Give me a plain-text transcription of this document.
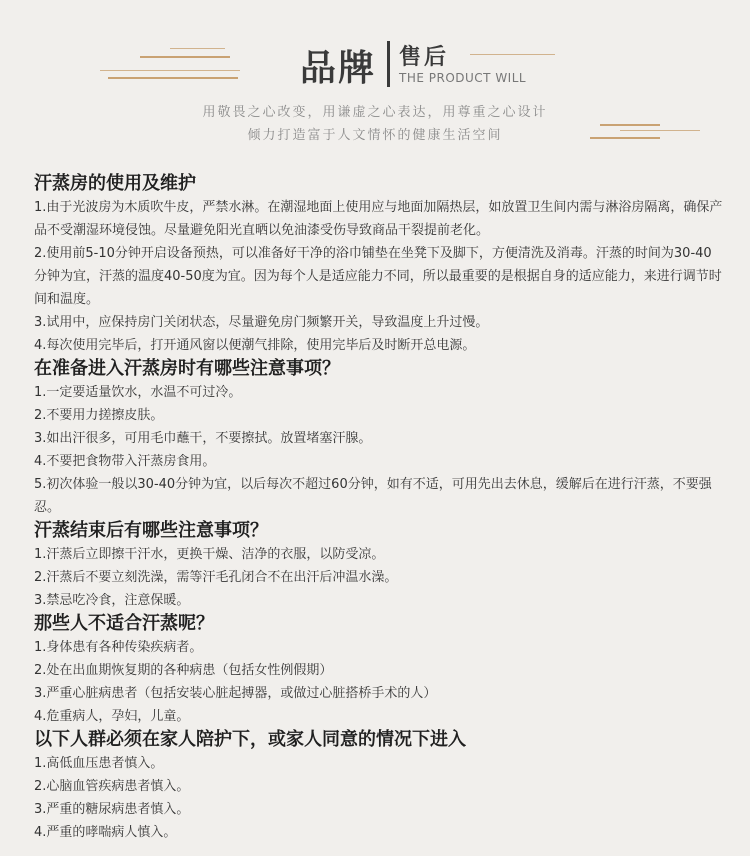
品牌 售后
THE PRODUCT WILL
用敬畏之心改变，用谦虚之心表达，用尊重之心设计
倾力打造富于人文情怀的健康生活空间
汗蒸房的使用及维护

1.由于光波房为木质吹牛皮，严禁水淋。在潮湿地面上使用应与地面加隔热层，如放置卫生间内需与淋浴房隔离，确保产品不受潮湿环境侵蚀。尽量避免阳光直晒以免油漆受伤导致商品干裂提前老化。

2.使用前5-10分钟开启设备预热，可以准备好干净的浴巾铺垫在坐凳下及脚下，方便清洗及消毒。汗蒸的时间为30-40分钟为宜，汗蒸的温度40-50度为宜。因为每个人是适应能力不同，所以最重要的是根据自身的适应能力，来进行调节时间和温度。

3.试用中，应保持房门关闭状态，尽量避免房门频繁开关，导致温度上升过慢。

4.每次使用完毕后，打开通风窗以便潮气排除，使用完毕后及时断开总电源。

在准备进入汗蒸房时有哪些注意事项？

1.一定要适量饮水，水温不可过冷。

2.不要用力搓擦皮肤。

3.如出汗很多，可用毛巾蘸干，不要擦拭。放置堵塞汗腺。

4.不要把食物带入汗蒸房食用。

5.初次体验一般以30-40分钟为宜，以后每次不超过60分钟，如有不适，可用先出去休息，缓解后在进行汗蒸，不要强忍。

汗蒸结束后有哪些注意事项？

1.汗蒸后立即擦干汗水，更换干燥、洁净的衣服，以防受凉。

2.汗蒸后不要立刻洗澡，需等汗毛孔闭合不在出汗后冲温水澡。

3.禁忌吃冷食，注意保暖。

那些人不适合汗蒸呢？

1.身体患有各种传染疾病者。

2.处在出血期恢复期的各种病患（包括女性例假期）

3.严重心脏病患者（包括安装心脏起搏器，或做过心脏搭桥手术的人）

4.危重病人，孕妇，儿童。

以下人群必须在家人陪护下，或家人同意的情况下进入

1.高低血压患者慎入。

2.心脑血管疾病患者慎入。

3.严重的糖尿病患者慎入。

4.严重的哮喘病人慎入。
